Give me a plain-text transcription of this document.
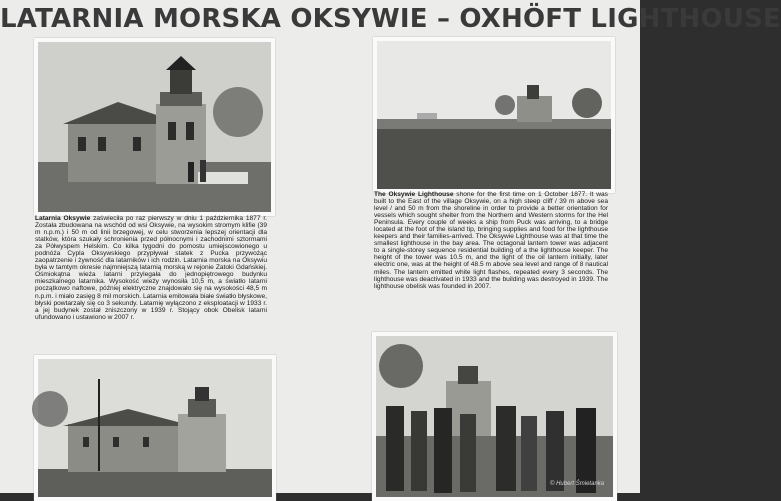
LATARNIA MORSKA OKSYWIE – OXHÖFT LIGHTHOUSE
Latarnia Oksywie zaświeciła po raz pierwszy w dniu 1 października 1877 r. Została zbudowana na wschód od wsi Oksywie, na wysokim stromym klifie (39 m n.p.m.) i 50 m od linii brzegowej, w celu stworzenia lepszej orientacji dla statków, która szukały schronienia przed północnymi i zachodnimi sztormami za Półwyspem Helskim. Co kilka tygodni do pomostu umiejscowionego u podnóża Cypla Oksywskiego przypływał statek z Pucka przywożąc zaopatrzenie i żywność dla latarników i ich rodzin. Latarnia morska na Oksywiu była w tamtym okresie najmniejszą latarnią morską w rejonie Zatoki Gdańskiej. Ośmiokątna wieża latarni przylegała do jednopiętrowego budynku mieszkalnego latarnika. Wysokość wieży wynosiła 10,5 m, a światło latarni początkowo naftowe, później elektryczne znajdowało się na wysokości 48,5 m n.p.m. i miało zasięg 8 mil morskich. Latarnia emitowała białe światło błyskowe, błyski powtarzały się co 3 sekundy. Latarnię wyłączono z eksploatacji w 1933 r. a jej budynek został zniszczony w 1939 r. Stojący obok Obelisk latarni ufundowano i ustawiono w 2007 r.
The Oksywie Lighthouse shone for the first time on 1 October 1877. It was built to the East of the village Oksywie, on a high steep cliff / 39 m above sea level / and 50 m from the shoreline in order to provide a better orientation for vessels which sought shelter from the Northern and Western storms for the Hel Peninsula. Every couple of weeks a ship from Puck was arriving, to a bridge located at the foot of the island tip, bringing supplies and food for the lighthouse keepers and their families-arrived. The Oksywie Lighthouse was at that time the smallest lighthouse in the bay area. The octagonal lantern tower was adjacent to a single-storey sequence residential building of a the lighthouse keeper. The height of the tower was 10.5 m, and the light of the oil lantern initially, later electric one, was at the height of 48.5 m above sea level and range of 8 nautical miles. The lantern emitted white light flashes, repeated every 3 seconds. The lighthouse was deactivated in 1933 and the building was destroyed in 1939. The lighthouse obelisk was founded in 2007.
© Hubert Śmietanka
